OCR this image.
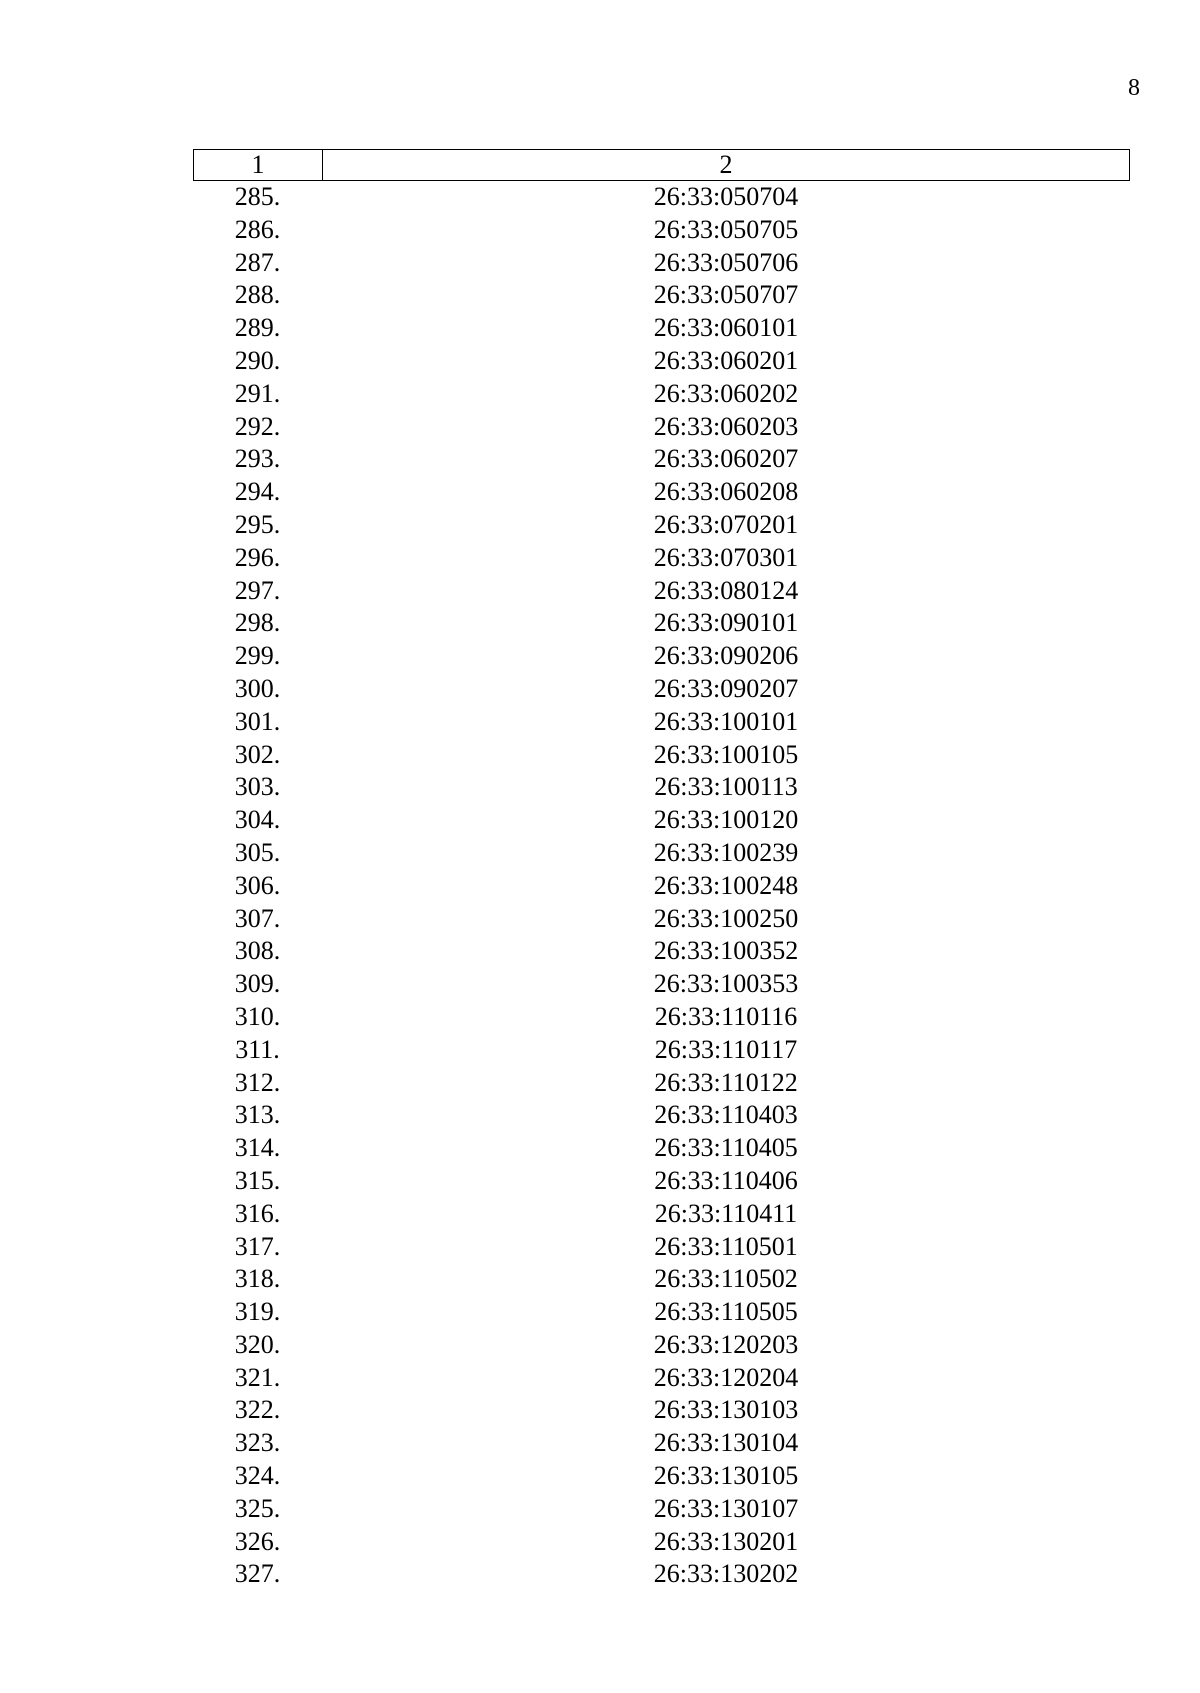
8
1	2
285.	26:33:050704
286.	26:33:050705
287.	26:33:050706
288.	26:33:050707
289.	26:33:060101
290.	26:33:060201
291.	26:33:060202
292.	26:33:060203
293.	26:33:060207
294.	26:33:060208
295.	26:33:070201
296.	26:33:070301
297.	26:33:080124
298.	26:33:090101
299.	26:33:090206
300.	26:33:090207
301.	26:33:100101
302.	26:33:100105
303.	26:33:100113
304.	26:33:100120
305.	26:33:100239
306.	26:33:100248
307.	26:33:100250
308.	26:33:100352
309.	26:33:100353
310.	26:33:110116
311.	26:33:110117
312.	26:33:110122
313.	26:33:110403
314.	26:33:110405
315.	26:33:110406
316.	26:33:110411
317.	26:33:110501
318.	26:33:110502
319.	26:33:110505
320.	26:33:120203
321.	26:33:120204
322.	26:33:130103
323.	26:33:130104
324.	26:33:130105
325.	26:33:130107
326.	26:33:130201
327.	26:33:130202
